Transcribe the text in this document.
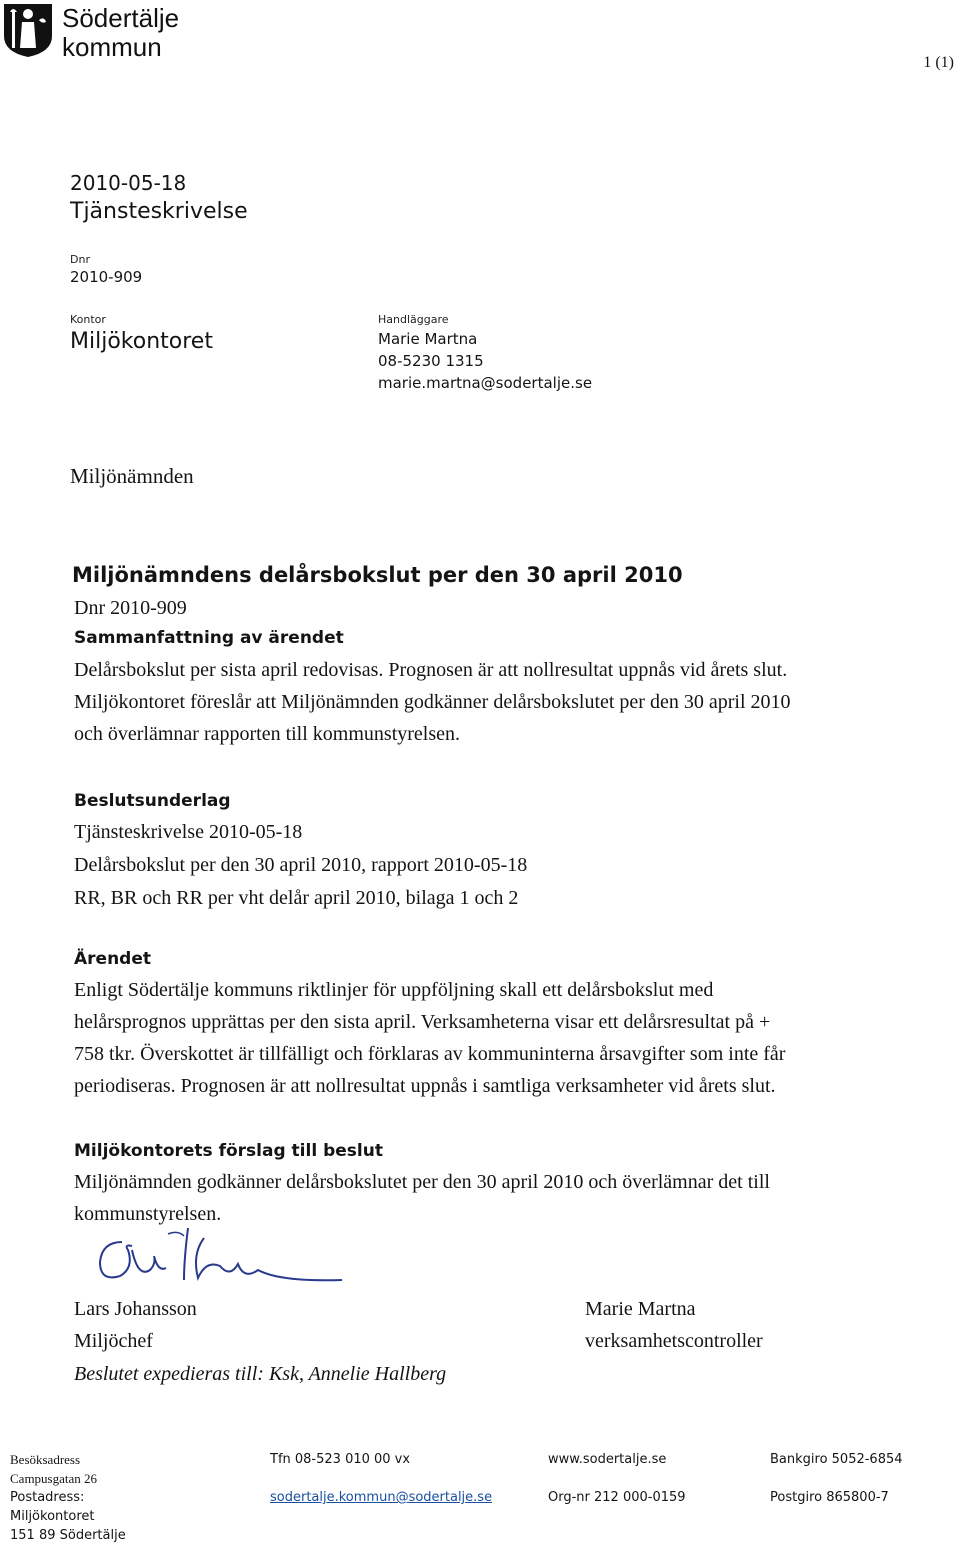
Södertälje
kommun
1 (1)
2010-05-18
Tjänsteskrivelse
Dnr
2010-909
Kontor
Miljökontoret
Handläggare
Marie Martna
08-5230 1315
marie.martna@sodertalje.se
Miljönämnden
Miljönämndens delårsbokslut per den 30 april 2010
Dnr 2010-909
Sammanfattning av ärendet
Delårsbokslut per sista april redovisas. Prognosen är att nollresultat uppnås vid årets slut.
Miljökontoret föreslår att Miljönämnden godkänner delårsbokslutet per den 30 april 2010
och överlämnar rapporten till kommunstyrelsen.
Beslutsunderlag
Tjänsteskrivelse 2010-05-18
Delårsbokslut per den 30 april 2010, rapport 2010-05-18
RR, BR och RR per vht delår april 2010, bilaga 1 och 2
Ärendet
Enligt Södertälje kommuns riktlinjer för uppföljning skall ett delårsbokslut med
helårsprognos upprättas per den sista april. Verksamheterna visar ett delårsresultat på +
758 tkr. Överskottet är tillfälligt och förklaras av kommuninterna årsavgifter som inte får
periodiseras. Prognosen är att nollresultat uppnås i samtliga verksamheter vid årets slut.
Miljökontorets förslag till beslut
Miljönämnden godkänner delårsbokslutet per den 30 april 2010 och överlämnar det till
kommunstyrelsen.
Lars Johansson
Miljöchef
Marie Martna
verksamhetscontroller
Beslutet expedieras till: Ksk, Annelie Hallberg
Besöksadress
Campusgatan 26
Postadress:
Miljökontoret
151 89 Södertälje
Tfn 08-523 010 00 vx
sodertalje.kommun@sodertalje.se
www.sodertalje.se
Org-nr 212 000-0159
Bankgiro 5052-6854
Postgiro 865800-7
